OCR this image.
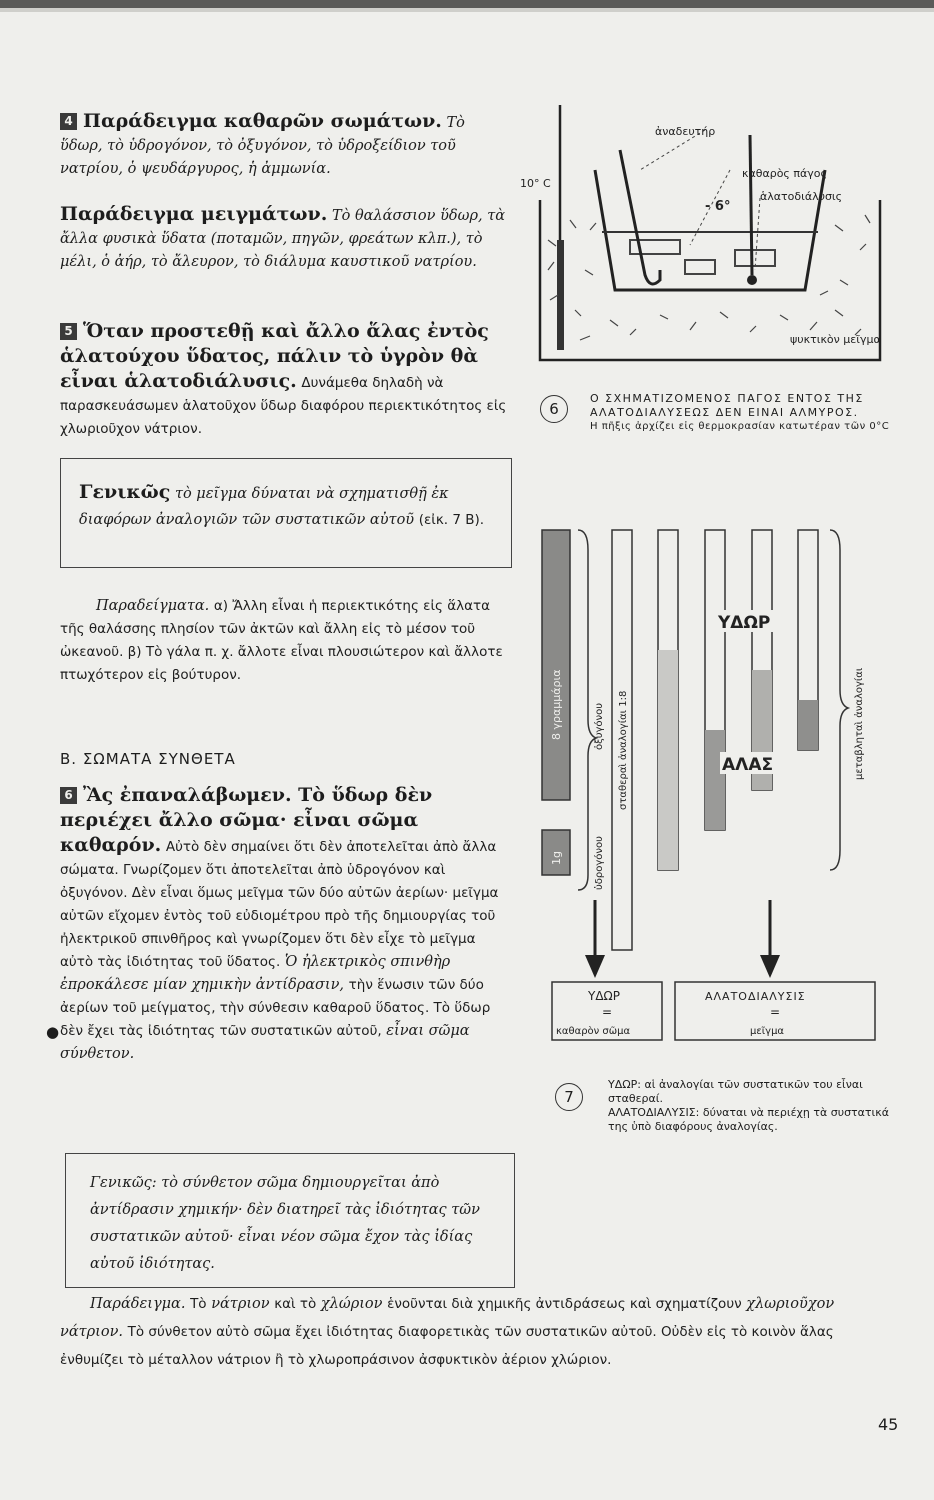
4 Παράδειγμα καθαρῶν σωμάτων. Τὸ ὕδωρ, τὸ ὑδρογόνον, τὸ ὀξυγόνον, τὸ ὑδροξείδιον τοῦ νατρίου, ὁ ψευδάργυρος, ἡ ἀμμωνία.

Παράδειγμα μειγμάτων. Τὸ θαλάσσιον ὕδωρ, τὰ ἄλλα φυσικὰ ὕδατα (ποταμῶν, πηγῶν, φρεάτων κλπ.), τὸ μέλι, ὁ ἀήρ, τὸ ἄλευρον, τὸ διάλυμα καυστικοῦ νατρίου.

5 Ὅταν προστεθῇ καὶ ἄλλο ἅλας ἐντὸς ἁλατούχου ὕδατος, πάλιν τὸ ὑγρὸν θὰ εἶναι ἁλατοδιάλυσις. Δυνάμεθα δηλαδὴ νὰ παρασκευάσωμεν ἁλατοῦχον ὕδωρ διαφόρου περιεκτικότητος εἰς χλωριοῦχον νάτριον.

Γενικῶς τὸ μεῖγμα δύναται νὰ σχηματισθῇ ἐκ διαφόρων ἀναλογιῶν τῶν συστατικῶν αὐτοῦ (εἰκ. 7 Β).

Παραδείγματα. α) Ἄλλη εἶναι ἡ περιεκτικότης εἰς ἅλατα τῆς θαλάσσης πλησίον τῶν ἀκτῶν καὶ ἄλλη εἰς τὸ μέσον τοῦ ὠκεανοῦ. β) Τὸ γάλα π. χ. ἄλλοτε εἶναι πλουσιώτερον καὶ ἄλλοτε πτωχότερον εἰς βούτυρον.

Β. ΣΩΜΑΤΑ ΣΥΝΘΕΤΑ

6 Ἂς ἐπαναλάβωμεν. Τὸ ὕδωρ δὲν περιέχει ἄλλο σῶμα· εἶναι σῶμα καθαρόν. Αὐτὸ δὲν σημαίνει ὅτι δὲν ἀποτελεῖται ἀπὸ ἄλλα σώματα. Γνωρίζομεν ὅτι ἀποτελεῖται ἀπὸ ὑδρογόνον καὶ ὀξυγόνον. Δὲν εἶναι ὅμως μεῖγμα τῶν δύο αὐτῶν ἀερίων· μεῖγμα αὐτῶν εἴχομεν ἐντὸς τοῦ εὐδιομέτρου πρὸ τῆς δημιουργίας τοῦ ἠλεκτρικοῦ σπινθῆρος καὶ γνωρίζομεν ὅτι δὲν εἶχε τὸ μεῖγμα αὐτὸ τὰς ἰδιότητας τοῦ ὕδατος. Ὁ ἠλεκτρικὸς σπινθὴρ ἐπροκάλεσε μίαν χημικὴν ἀντίδρασιν, τὴν ἕνωσιν τῶν δύο ἀερίων τοῦ μείγματος, τὴν σύνθεσιν καθαροῦ ὕδατος. Τὸ ὕδωρ δὲν ἔχει τὰς ἰδιότητας τῶν συστατικῶν αὐτοῦ, εἶναι σῶμα σύνθετον.

●

Γενικῶς: τὸ σύνθετον σῶμα δημιουργεῖται ἀπὸ ἀντίδρασιν χημικήν· δὲν διατηρεῖ τὰς ἰδιότητας τῶν συστατικῶν αὐτοῦ· εἶναι νέον σῶμα ἔχον τὰς ἰδίας αὐτοῦ ἰδιότητας.

Παράδειγμα. Τὸ νάτριον καὶ τὸ χλώριον ἑνοῦνται διὰ χημικῆς ἀντιδράσεως καὶ σχηματίζουν χλωριοῦχον νάτριον. Τὸ σύνθετον αὐτὸ σῶμα ἔχει ἰδιότητας διαφορετικὰς τῶν συστατικῶν αὐτοῦ. Οὐδὲν εἰς τὸ κοινὸν ἅλας ἐνθυμίζει τὸ μέταλλον νάτριον ἢ τὸ χλωροπράσινον ἀσφυκτικὸν ἀέριον χλώριον.

45
ἀναδευτήρ
καθαρὸς πάγος
ἁλατοδιάλυσις
10° C
- 6°
ψυκτικὸν μεῖγμα
6
Ο ΣΧΗΜΑΤΙΖΟΜΕΝΟΣ ΠΑΓΟΣ ΕΝΤΟΣ ΤΗΣ ΑΛΑΤΟΔΙΑΛΥΣΕΩΣ ΔΕΝ ΕΙΝΑΙ ΑΛΜΥΡΟΣ.
Η πῆξις ἀρχίζει εἰς θερμοκρασίαν κατωτέραν τῶν 0°C
8 γραμμάρια
1g
ὀξυγόνου
ὑδρογόνου
σταθεραὶ ἀναλογίαι 1:8
ΥΔΩΡ
ΑΛΑΣ	μεταβληταὶ ἀναλογίαι
ΥΔΩΡ
=
καθαρὸν σῶμα
ΑΛΑΤΟΔΙΑΛΥΣΙΣ
=
μεῖγμα
7
ΥΔΩΡ: αἱ ἀναλογίαι τῶν συστατικῶν του εἶναι σταθεραί.
ΑΛΑΤΟΔΙΑΛΥΣΙΣ: δύναται νὰ περιέχῃ τὰ συστατικά της ὑπὸ διαφόρους ἀναλογίας.
